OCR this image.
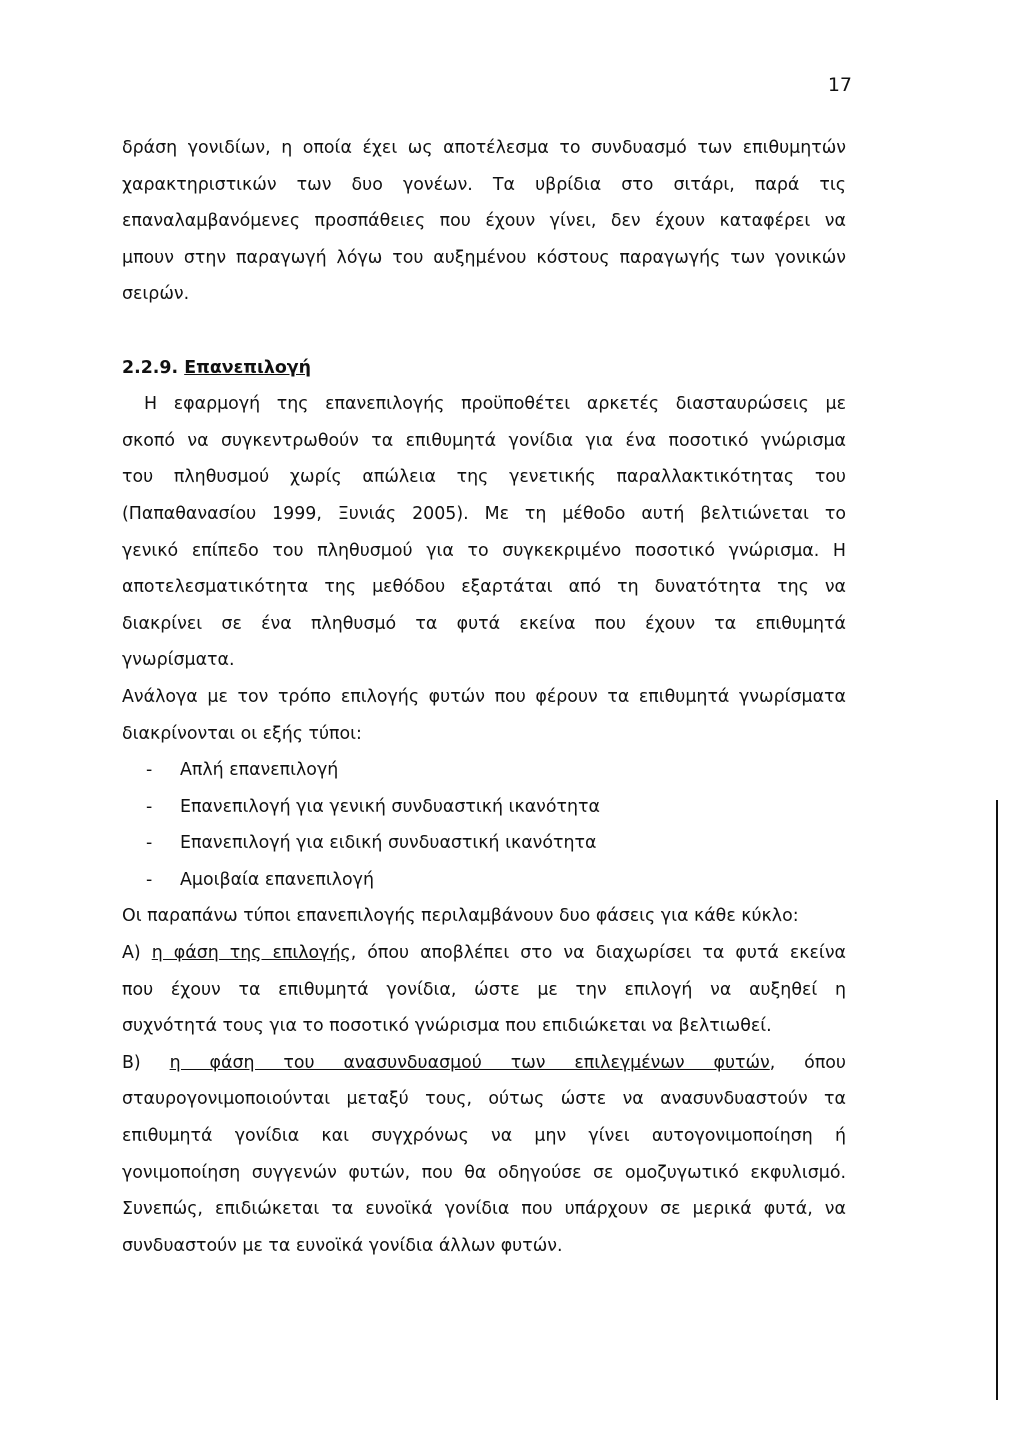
17

δράση γονιδίων, η οποία έχει ως αποτέλεσμα το συνδυασμό των επιθυμητών

χαρακτηριστικών των δυο γονέων. Τα υβρίδια στο σιτάρι, παρά τις

επαναλαμβανόμενες προσπάθειες που έχουν γίνει, δεν έχουν καταφέρει να

μπουν στην παραγωγή λόγω του αυξημένου κόστους παραγωγής των γονικών

σειρών.

2.2.9. Επανεπιλογή

Η εφαρμογή της επανεπιλογής προϋποθέτει αρκετές διασταυρώσεις με

σκοπό να συγκεντρωθούν τα επιθυμητά γονίδια για ένα ποσοτικό γνώρισμα

του πληθυσμού χωρίς απώλεια της γενετικής παραλλακτικότητας του

(Παπαθανασίου 1999, Ξυνιάς 2005). Με τη μέθοδο αυτή βελτιώνεται το

γενικό επίπεδο του πληθυσμού για το συγκεκριμένο ποσοτικό γνώρισμα. Η

αποτελεσματικότητα της μεθόδου εξαρτάται από τη δυνατότητα της να

διακρίνει σε ένα πληθυσμό τα φυτά εκείνα που έχουν τα επιθυμητά

γνωρίσματα.

Ανάλογα με τον τρόπο επιλογής φυτών που φέρουν τα επιθυμητά γνωρίσματα

διακρίνονται οι εξής τύποι:

- Απλή επανεπιλογή
- Επανεπιλογή για γενική συνδυαστική ικανότητα
- Επανεπιλογή για ειδική συνδυαστική ικανότητα
- Αμοιβαία επανεπιλογή

Οι παραπάνω τύποι επανεπιλογής περιλαμβάνουν δυο φάσεις για κάθε κύκλο:

Α) η φάση της επιλογής, όπου αποβλέπει στο να διαχωρίσει τα φυτά εκείνα

που έχουν τα επιθυμητά γονίδια, ώστε με την επιλογή να αυξηθεί η

συχνότητά τους για το ποσοτικό γνώρισμα που επιδιώκεται να βελτιωθεί.

Β) η φάση του ανασυνδυασμού των επιλεγμένων φυτών, όπου

σταυρογονιμοποιούνται μεταξύ τους, ούτως ώστε να ανασυνδυαστούν τα

επιθυμητά γονίδια και συγχρόνως να μην γίνει αυτογονιμοποίηση ή

γονιμοποίηση συγγενών φυτών, που θα οδηγούσε σε ομοζυγωτικό εκφυλισμό.

Συνεπώς, επιδιώκεται τα ευνοϊκά γονίδια που υπάρχουν σε μερικά φυτά, να

συνδυαστούν με τα ευνοϊκά γονίδια άλλων φυτών.
